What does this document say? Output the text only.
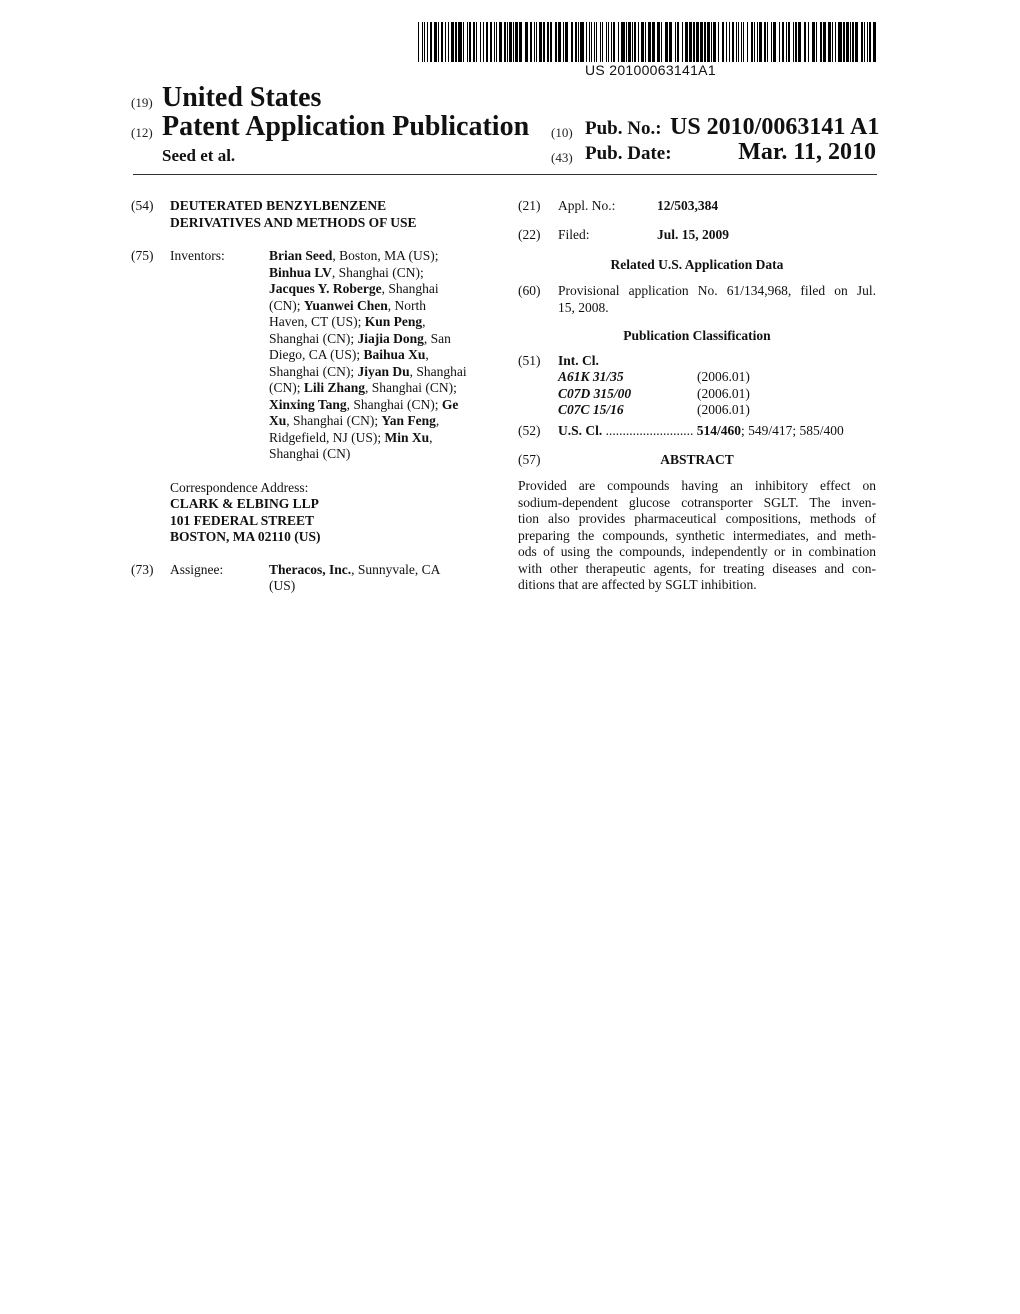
US 20100063141A1
(19) United States
(12) Patent Application Publication
Seed et al.
(10) Pub. No.: US 2010/0063141 A1
(43) Pub. Date:	Mar. 11, 2010
(54) DEUTERATED BENZYLBENZENE
DERIVATIVES AND METHODS OF USE
(75) Inventors:	Brian Seed, Boston, MA (US);
Binhua LV, Shanghai (CN);
Jacques Y. Roberge, Shanghai
(CN); Yuanwei Chen, North
Haven, CT (US); Kun Peng,
Shanghai (CN); Jiajia Dong, San
Diego, CA (US); Baihua Xu,
Shanghai (CN); Jiyan Du, Shanghai
(CN); Lili Zhang, Shanghai (CN);
Xinxing Tang, Shanghai (CN); Ge
Xu, Shanghai (CN); Yan Feng,
Ridgefield, NJ (US); Min Xu,
Shanghai (CN)
Correspondence Address:
CLARK & ELBING LLP
101 FEDERAL STREET
BOSTON, MA 02110 (US)
(73) Assignee:	Theracos, Inc., Sunnyvale, CA
(US)
(21) Appl. No.:	12/503,384
(22) Filed:	Jul. 15, 2009
Related U.S. Application Data
(60) Provisional application No. 61/134,968, filed on Jul.
15, 2008.
Publication Classification
(51) Int. Cl.
A61K 31/35	(2006.01)
C07D 315/00	(2006.01)
C07C 15/16	(2006.01)
(52) U.S. Cl. .......................... 514/460; 549/417; 585/400
(57)	ABSTRACT
Provided are compounds having an inhibitory effect on
sodium-dependent glucose cotransporter SGLT. The inven-
tion also provides pharmaceutical compositions, methods of
preparing the compounds, synthetic intermediates, and meth-
ods of using the compounds, independently or in combination
with other therapeutic agents, for treating diseases and con-
ditions that are affected by SGLT inhibition.
